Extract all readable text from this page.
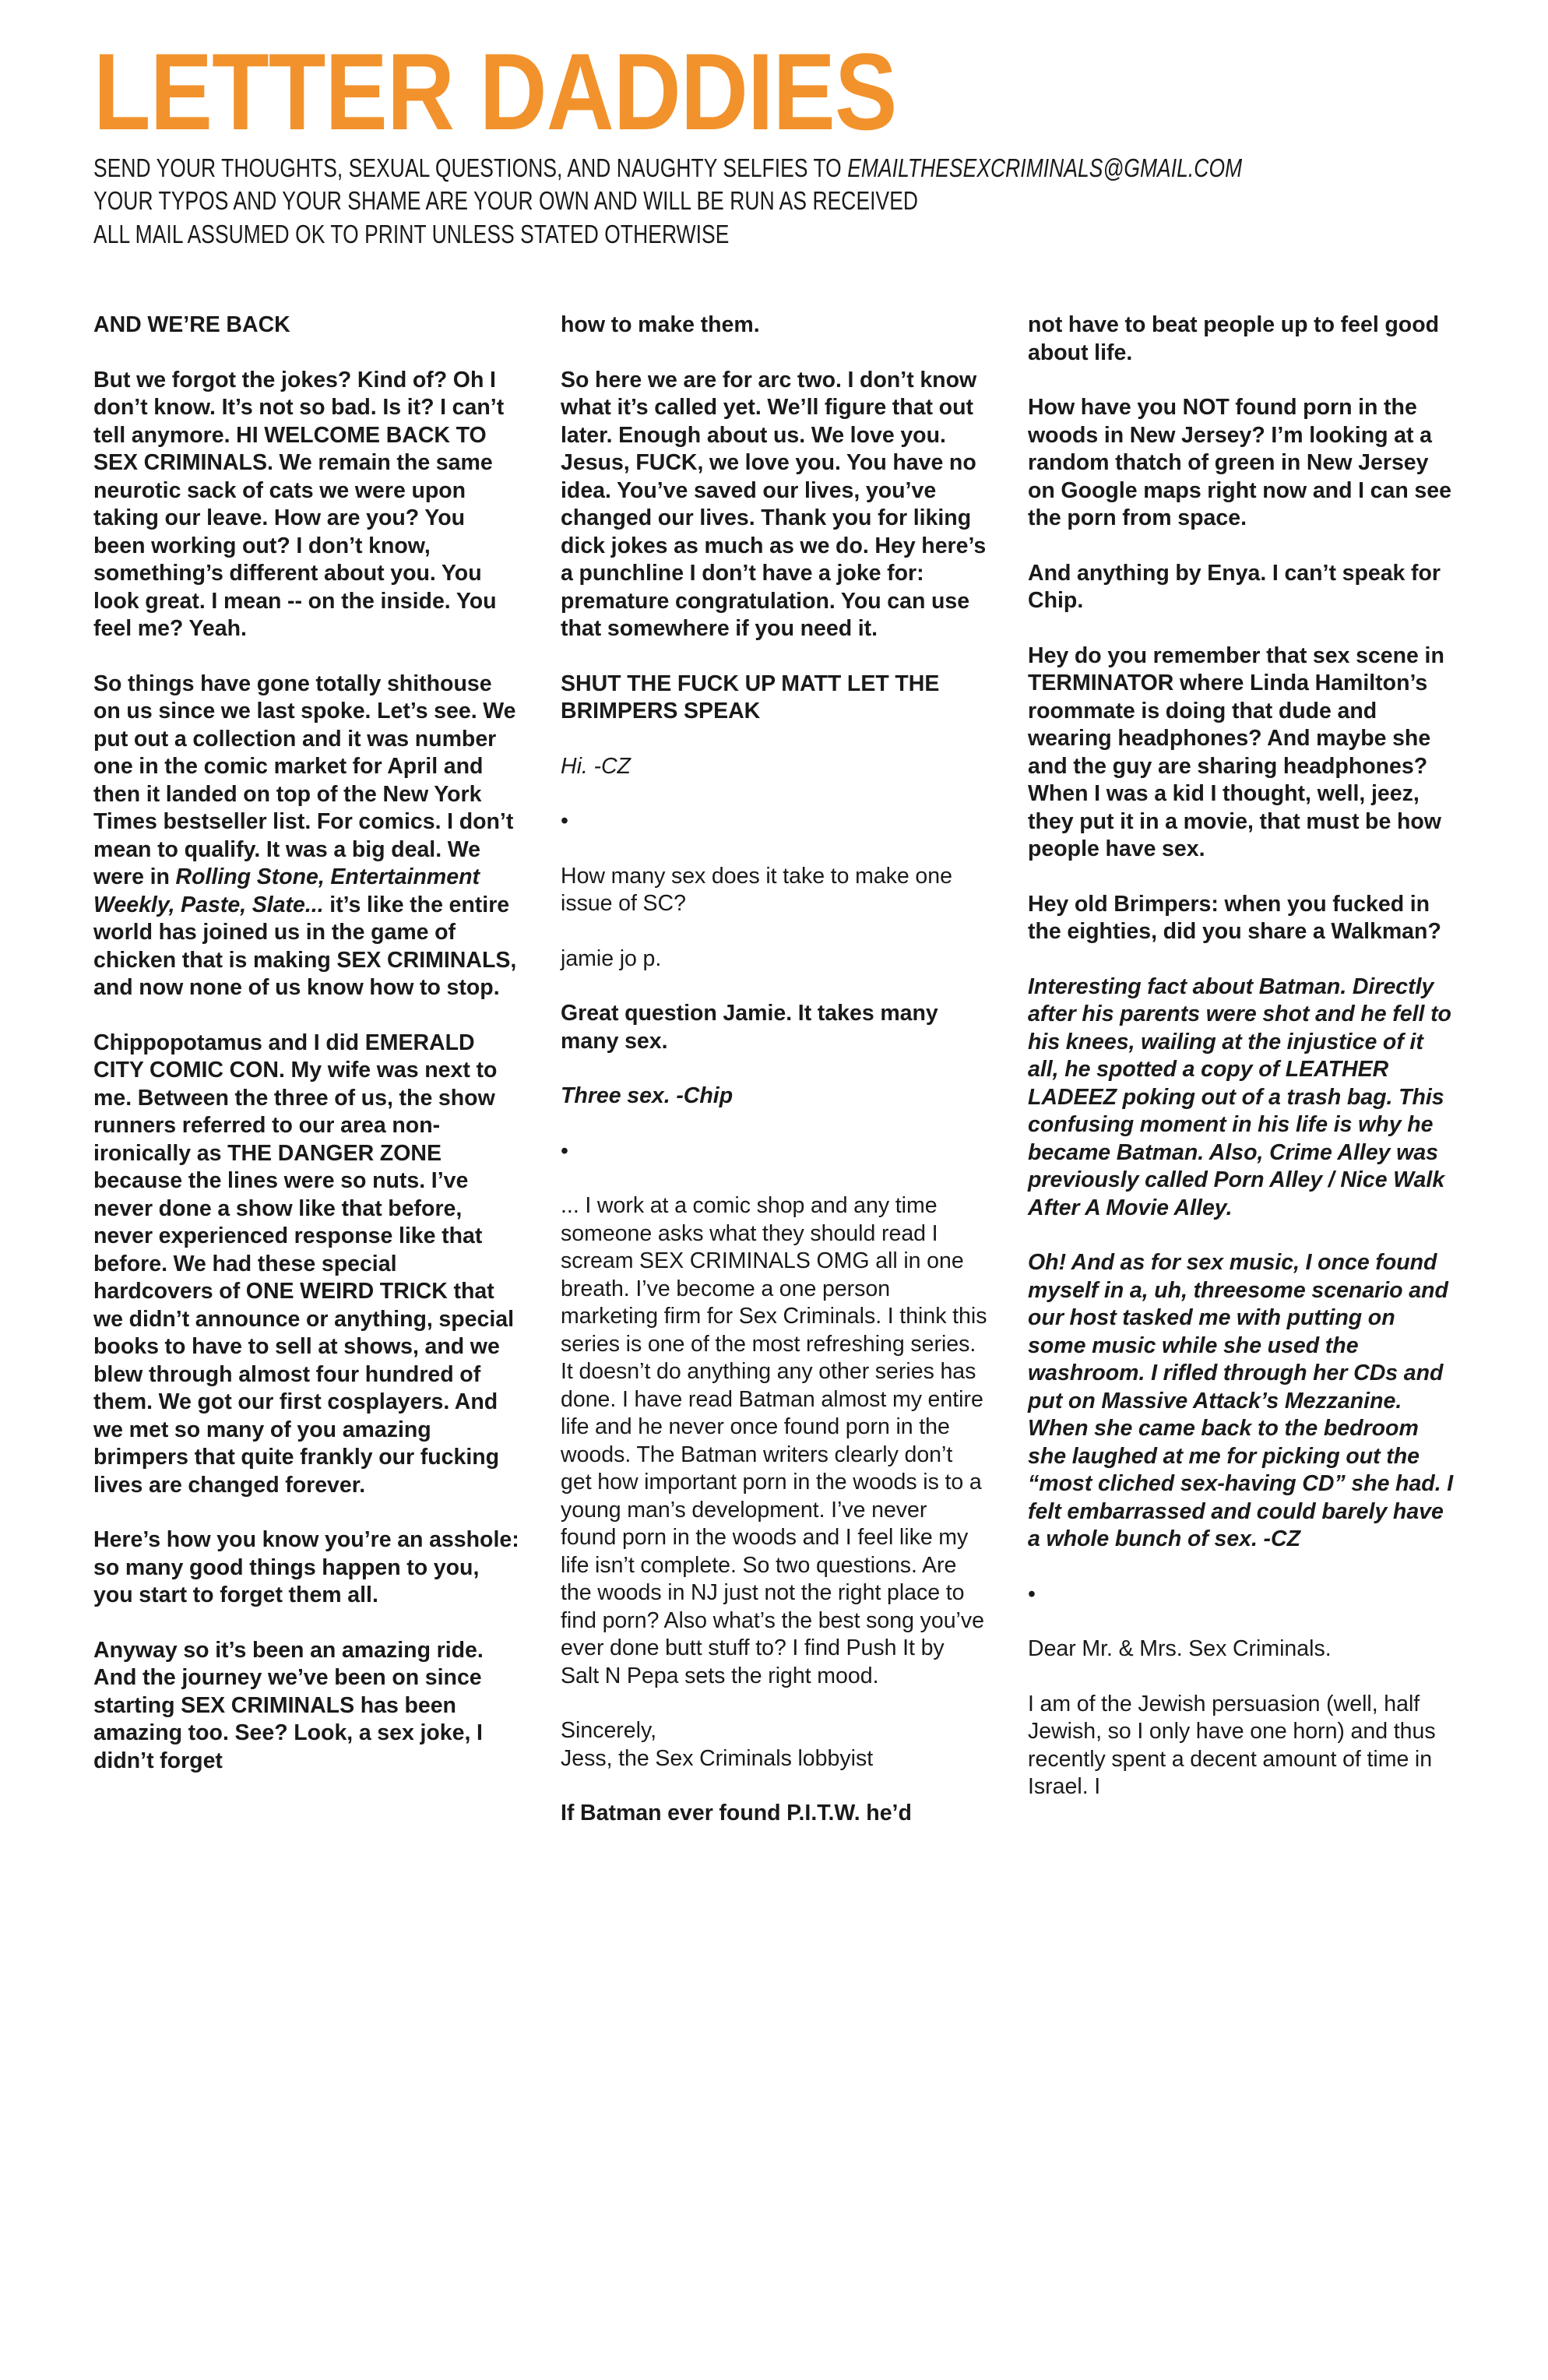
LETTER DADDIES
SEND YOUR THOUGHTS, SEXUAL QUESTIONS, AND NAUGHTY SELFIES TO EMAILTHESEXCRIMINALS@GMAIL.COM
YOUR TYPOS AND YOUR SHAME ARE YOUR OWN AND WILL BE RUN AS RECEIVED
ALL MAIL ASSUMED OK TO PRINT UNLESS STATED OTHERWISE

AND WE’RE BACK

But we forgot the jokes? Kind of? Oh I don’t know. It’s not so bad. Is it? I can’t tell anymore. HI WELCOME BACK TO SEX CRIMINALS. We remain the same neurotic sack of cats we were upon taking our leave. How are you? You been working out? I don’t know, something’s different about you. You look great. I mean -- on the inside. You feel me? Yeah.

So things have gone totally shithouse on us since we last spoke. Let’s see. We put out a collection and it was number one in the comic market for April and then it landed on top of the New York Times bestseller list. For comics. I don’t mean to qualify. It was a big deal. We were in Rolling Stone, Entertainment Weekly, Paste, Slate... it’s like the entire world has joined us in the game of chicken that is making SEX CRIMINALS, and now none of us know how to stop.

Chippopotamus and I did EMERALD CITY COMIC CON. My wife was next to me. Between the three of us, the show runners referred to our area non-ironically as THE DANGER ZONE because the lines were so nuts. I’ve never done a show like that before, never experienced response like that before. We had these special hardcovers of ONE WEIRD TRICK that we didn’t announce or anything, special books to have to sell at shows, and we blew through almost four hundred of them. We got our first cosplayers. And we met so many of you amazing brimpers that quite frankly our fucking lives are changed forever.

Here’s how you know you’re an asshole: so many good things happen to you, you start to forget them all.

Anyway so it’s been an amazing ride. And the journey we’ve been on since starting SEX CRIMINALS has been amazing too. See? Look, a sex joke, I didn’t forget

how to make them.

So here we are for arc two. I don’t know what it’s called yet. We’ll figure that out later. Enough about us. We love you. Jesus, FUCK, we love you. You have no idea. You’ve saved our lives, you’ve changed our lives. Thank you for liking dick jokes as much as we do. Hey here’s a punchline I don’t have a joke for: premature congratulation. You can use that somewhere if you need it.

SHUT THE FUCK UP MATT LET THE BRIMPERS SPEAK

Hi. -CZ

•

How many sex does it take to make one issue of SC?

jamie jo p.

Great question Jamie. It takes many many sex.

Three sex. -Chip

•

... I work at a comic shop and any time someone asks what they should read I scream SEX CRIMINALS OMG all in one breath. I’ve become a one person marketing firm for Sex Criminals. I think this series is one of the most refreshing series. It doesn’t do anything any other series has done. I have read Batman almost my entire life and he never once found porn in the woods. The Batman writers clearly don’t get how important porn in the woods is to a young man’s development. I’ve never found porn in the woods and I feel like my life isn’t complete. So two questions. Are the woods in NJ just not the right place to find porn? Also what’s the best song you’ve ever done butt stuff to? I find Push It by Salt N Pepa sets the right mood.

Sincerely,
Jess, the Sex Criminals lobbyist

If Batman ever found P.I.T.W. he’d

not have to beat people up to feel good about life.

How have you NOT found porn in the woods in New Jersey? I’m looking at a random thatch of green in New Jersey on Google maps right now and I can see the porn from space.

And anything by Enya. I can’t speak for Chip.

Hey do you remember that sex scene in TERMINATOR where Linda Hamilton’s roommate is doing that dude and wearing headphones? And maybe she and the guy are sharing headphones? When I was a kid I thought, well, jeez, they put it in a movie, that must be how people have sex.

Hey old Brimpers: when you fucked in the eighties, did you share a Walkman?

Interesting fact about Batman. Directly after his parents were shot and he fell to his knees, wailing at the injustice of it all, he spotted a copy of LEATHER LADEEZ poking out of a trash bag. This confusing moment in his life is why he became Batman. Also, Crime Alley was previously called Porn Alley / Nice Walk After A Movie Alley.

Oh! And as for sex music, I once found myself in a, uh, threesome scenario and our host tasked me with putting on some music while she used the washroom. I rifled through her CDs and put on Massive Attack’s Mezzanine. When she came back to the bedroom she laughed at me for picking out the “most cliched sex-having CD” she had. I felt embarrassed and could barely have a whole bunch of sex. -CZ

•

Dear Mr. & Mrs. Sex Criminals.

I am of the Jewish persuasion (well, half Jewish, so I only have one horn) and thus recently spent a decent amount of time in Israel. I
